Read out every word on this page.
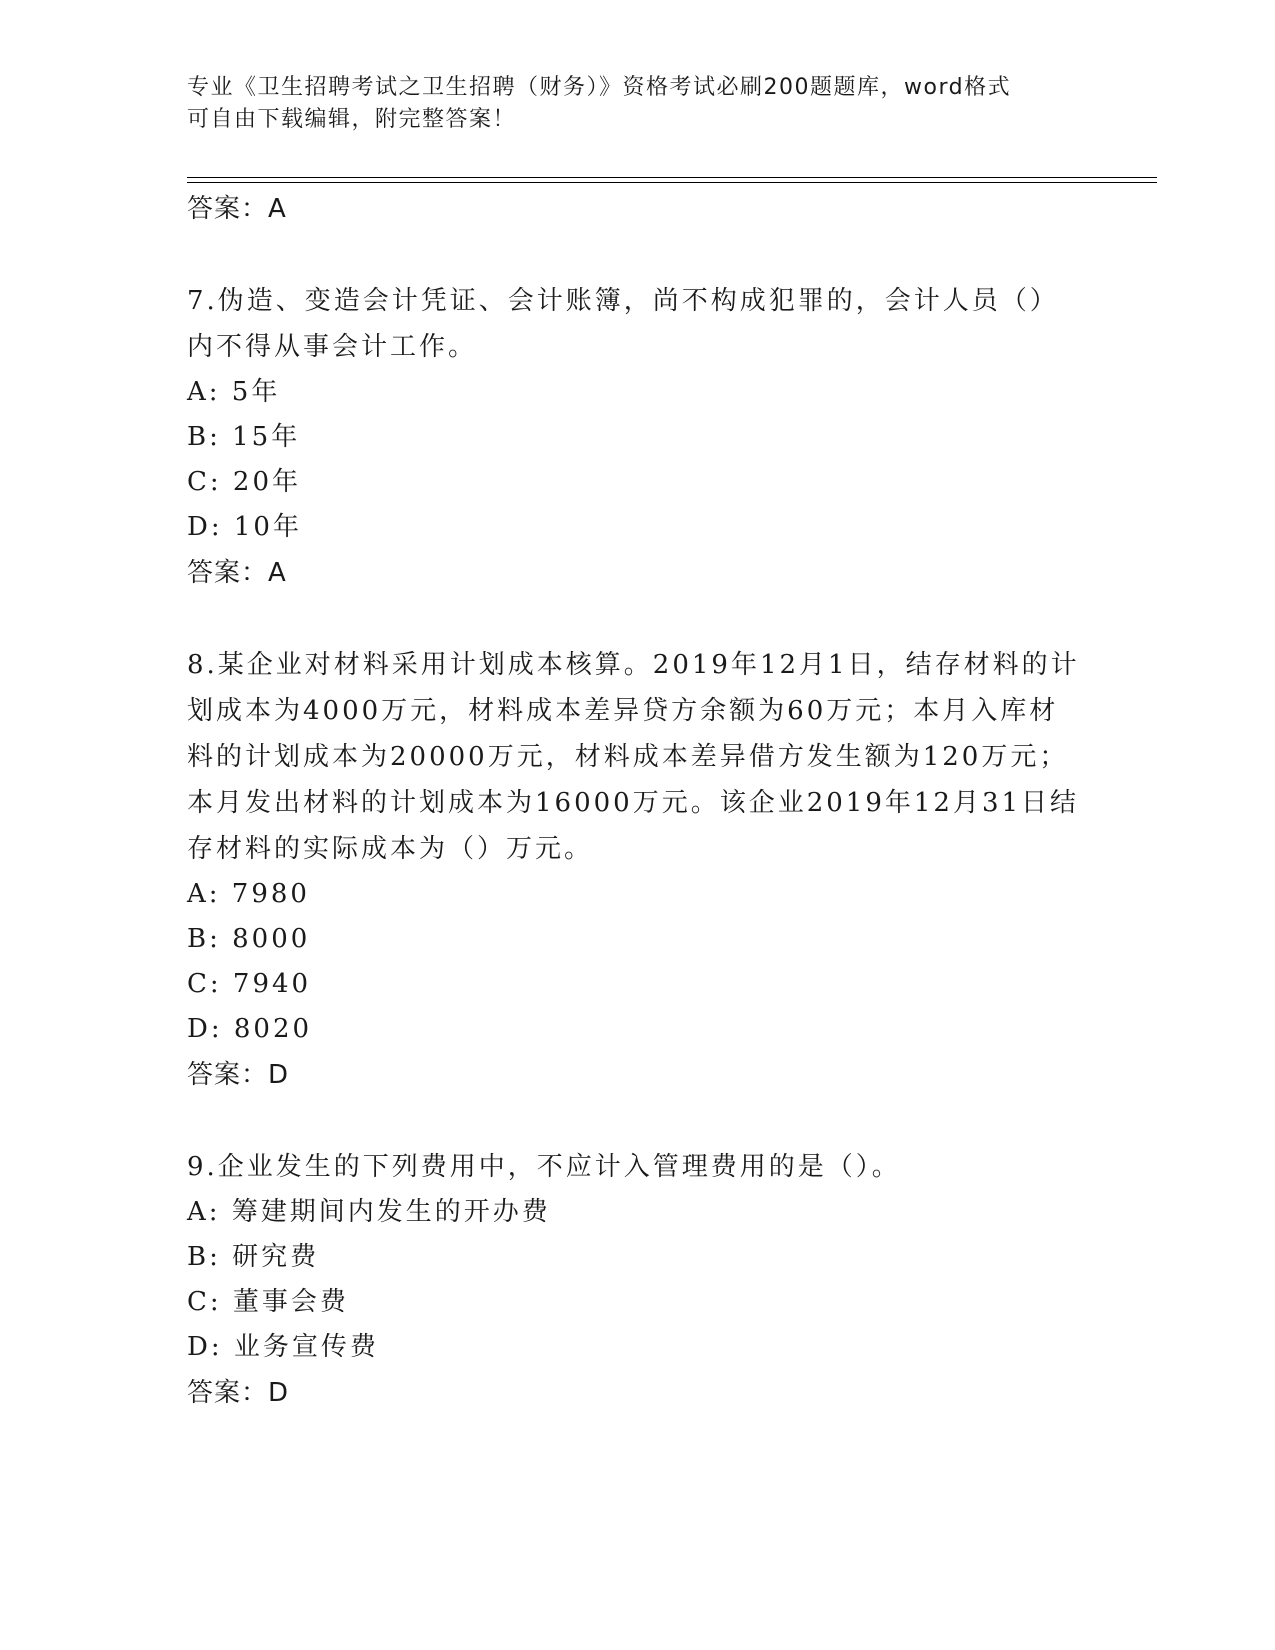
专业《卫生招聘考试之卫生招聘（财务）》资格考试必刷200题题库，word格式
可自由下载编辑，附完整答案！
答案：A
7.伪造、变造会计凭证、会计账簿，尚不构成犯罪的，会计人员（）
内不得从事会计工作。
A: 5年
B: 15年
C: 20年
D: 10年
答案：A
8.某企业对材料采用计划成本核算。2019年12月1日，结存材料的计
划成本为4000万元，材料成本差异贷方余额为60万元；本月入库材
料的计划成本为20000万元，材料成本差异借方发生额为120万元；
本月发出材料的计划成本为16000万元。该企业2019年12月31日结
存材料的实际成本为（）万元。
A: 7980
B: 8000
C: 7940
D: 8020
答案：D
9.企业发生的下列费用中，不应计入管理费用的是（）。
A: 筹建期间内发生的开办费
B: 研究费
C: 董事会费
D: 业务宣传费
答案：D
